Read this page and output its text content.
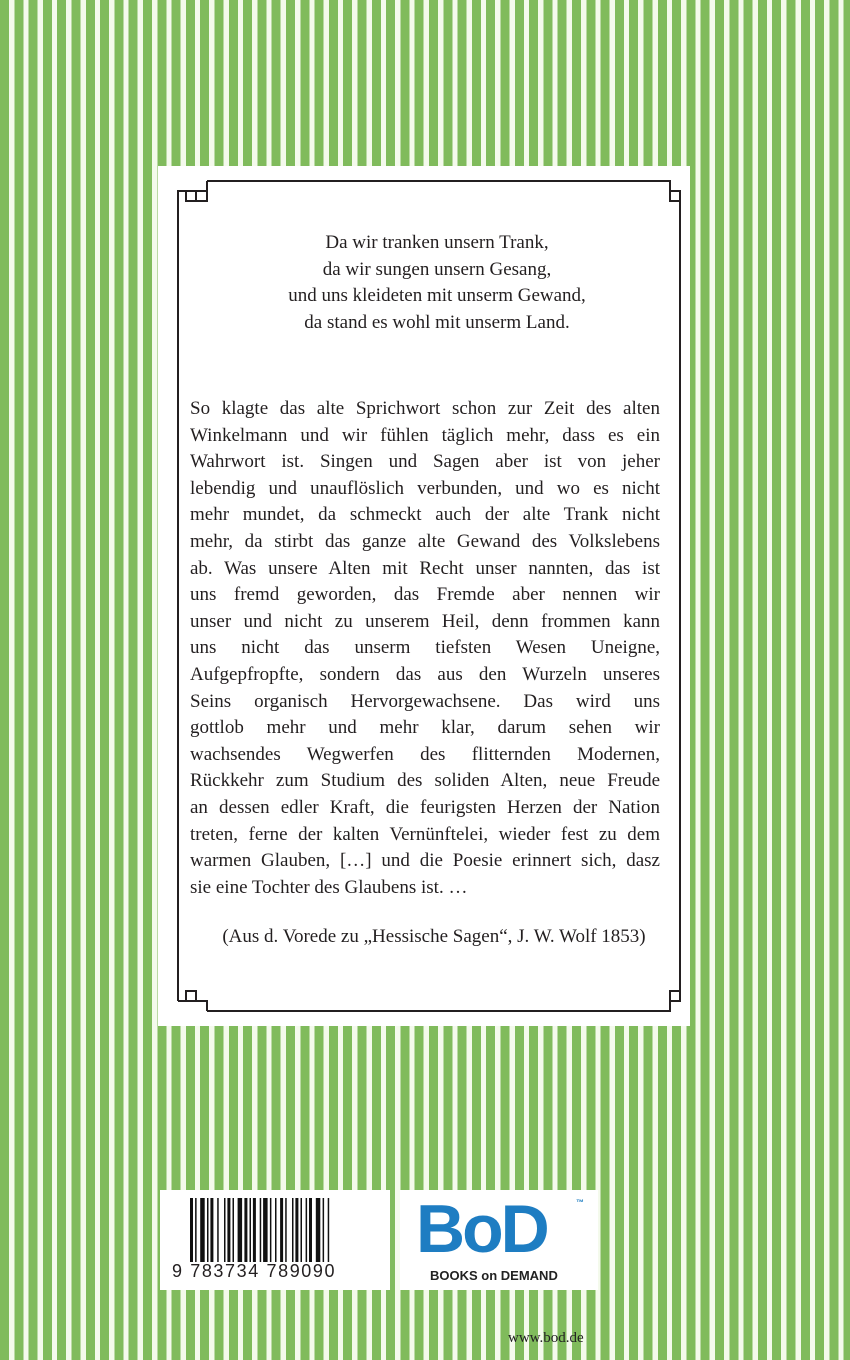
Da wir tranken unsern Trank,
da wir sungen unsern Gesang,
und uns kleideten mit unserm Gewand,
da stand es wohl mit unserm Land.
So klagte das alte Sprichwort schon zur Zeit des alten
Winkelmann und wir fühlen täglich mehr, dass es ein
Wahrwort ist. Singen und Sagen aber ist von jeher
lebendig und unauflöslich verbunden, und wo es nicht
mehr mundet, da schmeckt auch der alte Trank nicht
mehr, da stirbt das ganze alte Gewand des Volkslebens
ab. Was unsere Alten mit Recht unser nannten, das ist
uns fremd geworden, das Fremde aber nennen wir
unser und nicht zu unserem Heil, denn frommen kann
uns nicht das unserm tiefsten Wesen Uneigne,
Aufgepfropfte, sondern das aus den Wurzeln unseres
Seins organisch Hervorgewachsene. Das wird uns
gottlob mehr und mehr klar, darum sehen wir
wachsendes Wegwerfen des flitternden Modernen,
Rückkehr zum Studium des soliden Alten, neue Freude
an dessen edler Kraft, die feurigsten Herzen der Nation
treten, ferne der kalten Vernünftelei, wieder fest zu dem
warmen Glauben, […] und die Poesie erinnert sich, dasz
sie eine Tochter des Glaubens ist. …
(Aus d. Vorede zu „Hessische Sagen“, J. W. Wolf 1853)
9 783734 789090
BoD	™
BOOKS on DEMAND
www.bod.de
